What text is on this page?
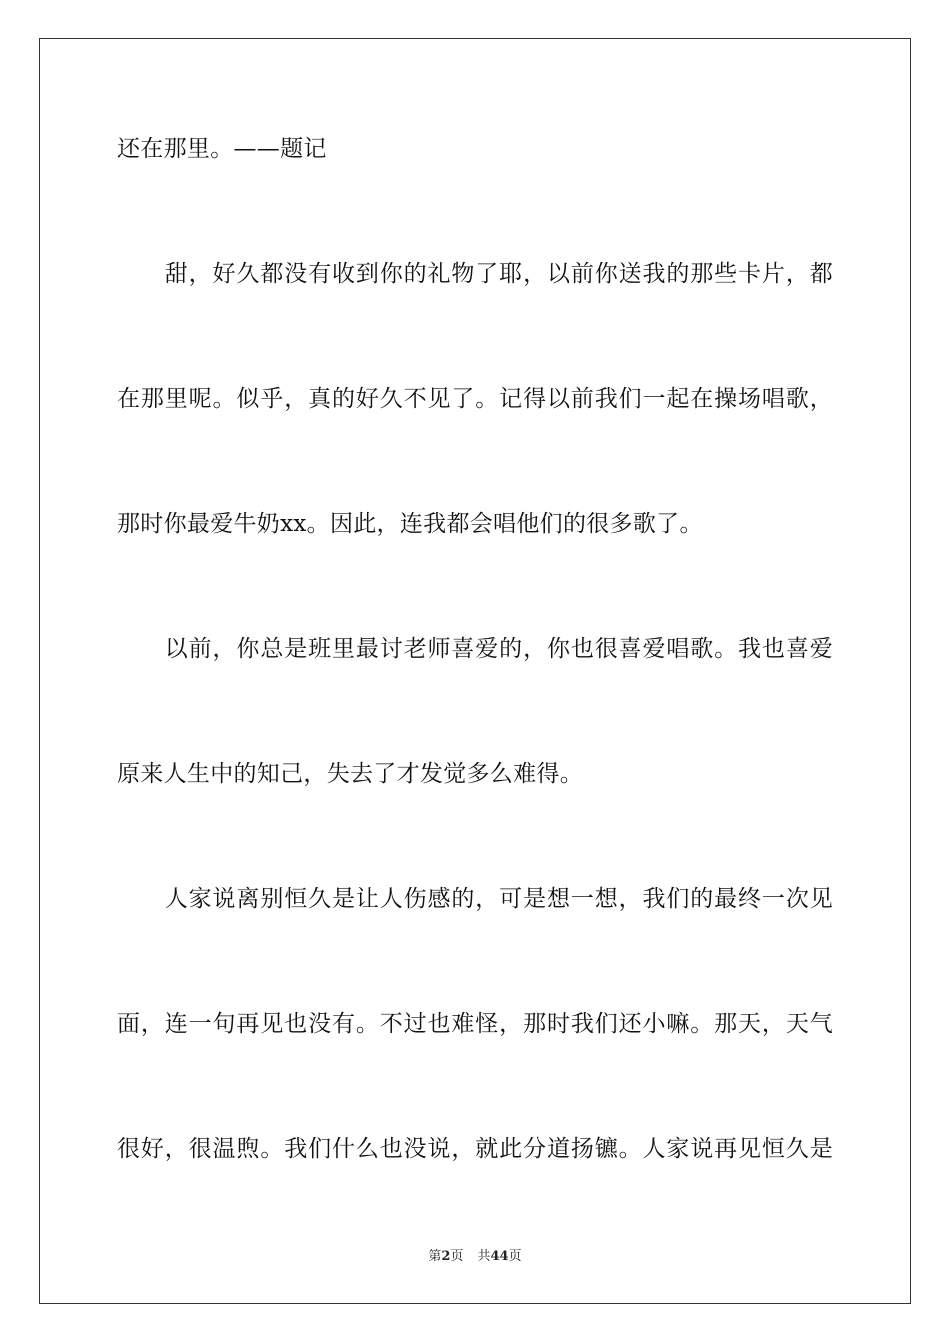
还在那里。——题记
　　甜，好久都没有收到你的礼物了耶，以前你送我的那些卡片，都
在那里呢。似乎，真的好久不见了。记得以前我们一起在操场唱歌，
那时你最爱牛奶xx。因此，连我都会唱他们的很多歌了。
　　以前，你总是班里最讨老师喜爱的，你也很喜爱唱歌。我也喜爱
原来人生中的知己，失去了才发觉多么难得。
　　人家说离别恒久是让人伤感的，可是想一想，我们的最终一次见
面，连一句再见也没有。不过也难怪，那时我们还小嘛。那天，天气
很好，很温煦。我们什么也没说，就此分道扬镳。人家说再见恒久是
第2页 共44页
